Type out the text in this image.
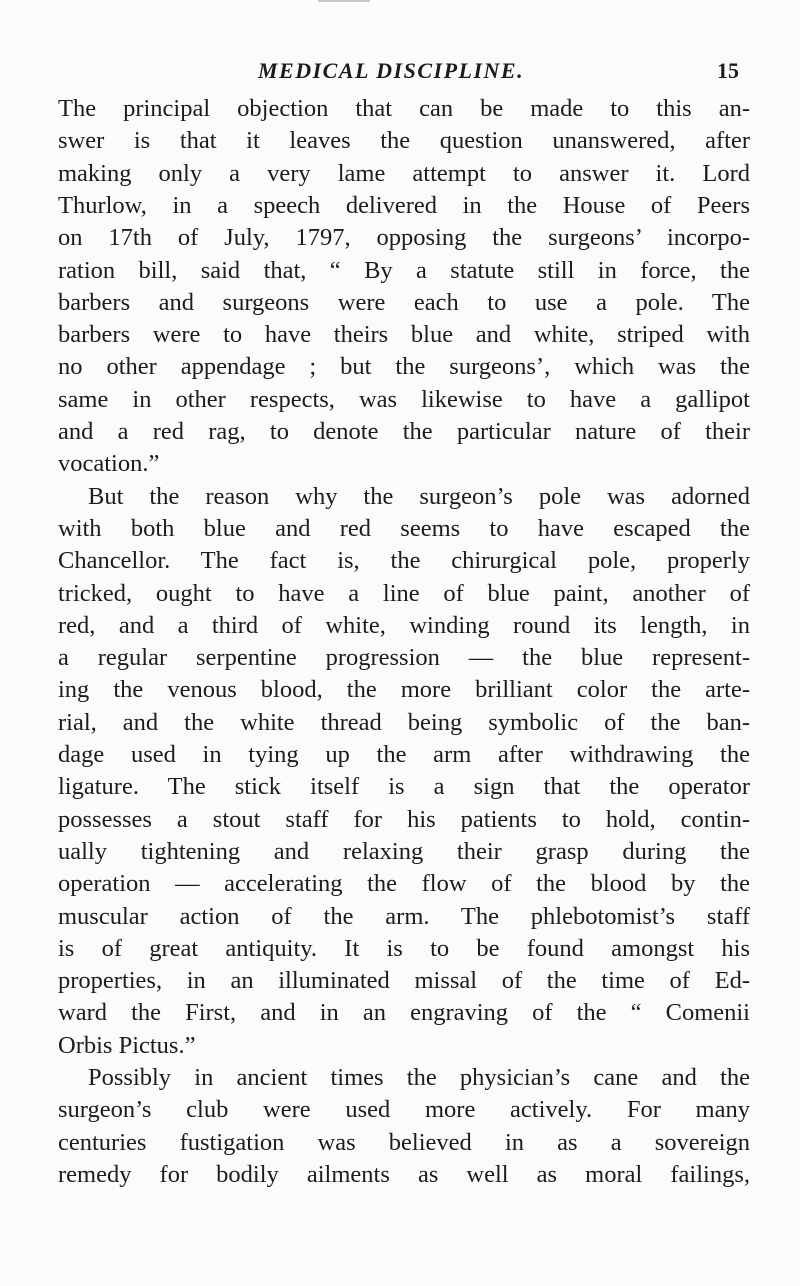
MEDICAL DISCIPLINE.	15
The principal objection that can be made to this an-
swer is that it leaves the question unanswered, after
making only a very lame attempt to answer it. Lord
Thurlow, in a speech delivered in the House of Peers
on 17th of July, 1797, opposing the surgeons’ incorpo-
ration bill, said that, “ By a statute still in force, the
barbers and surgeons were each to use a pole. The
barbers were to have theirs blue and white, striped with
no other appendage ; but the surgeons’, which was the
same in other respects, was likewise to have a gallipot
and a red rag, to denote the particular nature of their
vocation.”
But the reason why the surgeon’s pole was adorned
with both blue and red seems to have escaped the
Chancellor. The fact is, the chirurgical pole, properly
tricked, ought to have a line of blue paint, another of
red, and a third of white, winding round its length, in
a regular serpentine progression — the blue represent-
ing the venous blood, the more brilliant color the arte-
rial, and the white thread being symbolic of the ban-
dage used in tying up the arm after withdrawing the
ligature. The stick itself is a sign that the operator
possesses a stout staff for his patients to hold, contin-
ually tightening and relaxing their grasp during the
operation — accelerating the flow of the blood by the
muscular action of the arm. The phlebotomist’s staff
is of great antiquity. It is to be found amongst his
properties, in an illuminated missal of the time of Ed-
ward the First, and in an engraving of the “ Comenii
Orbis Pictus.”
Possibly in ancient times the physician’s cane and the
surgeon’s club were used more actively. For many
centuries fustigation was believed in as a sovereign
remedy for bodily ailments as well as moral failings,
